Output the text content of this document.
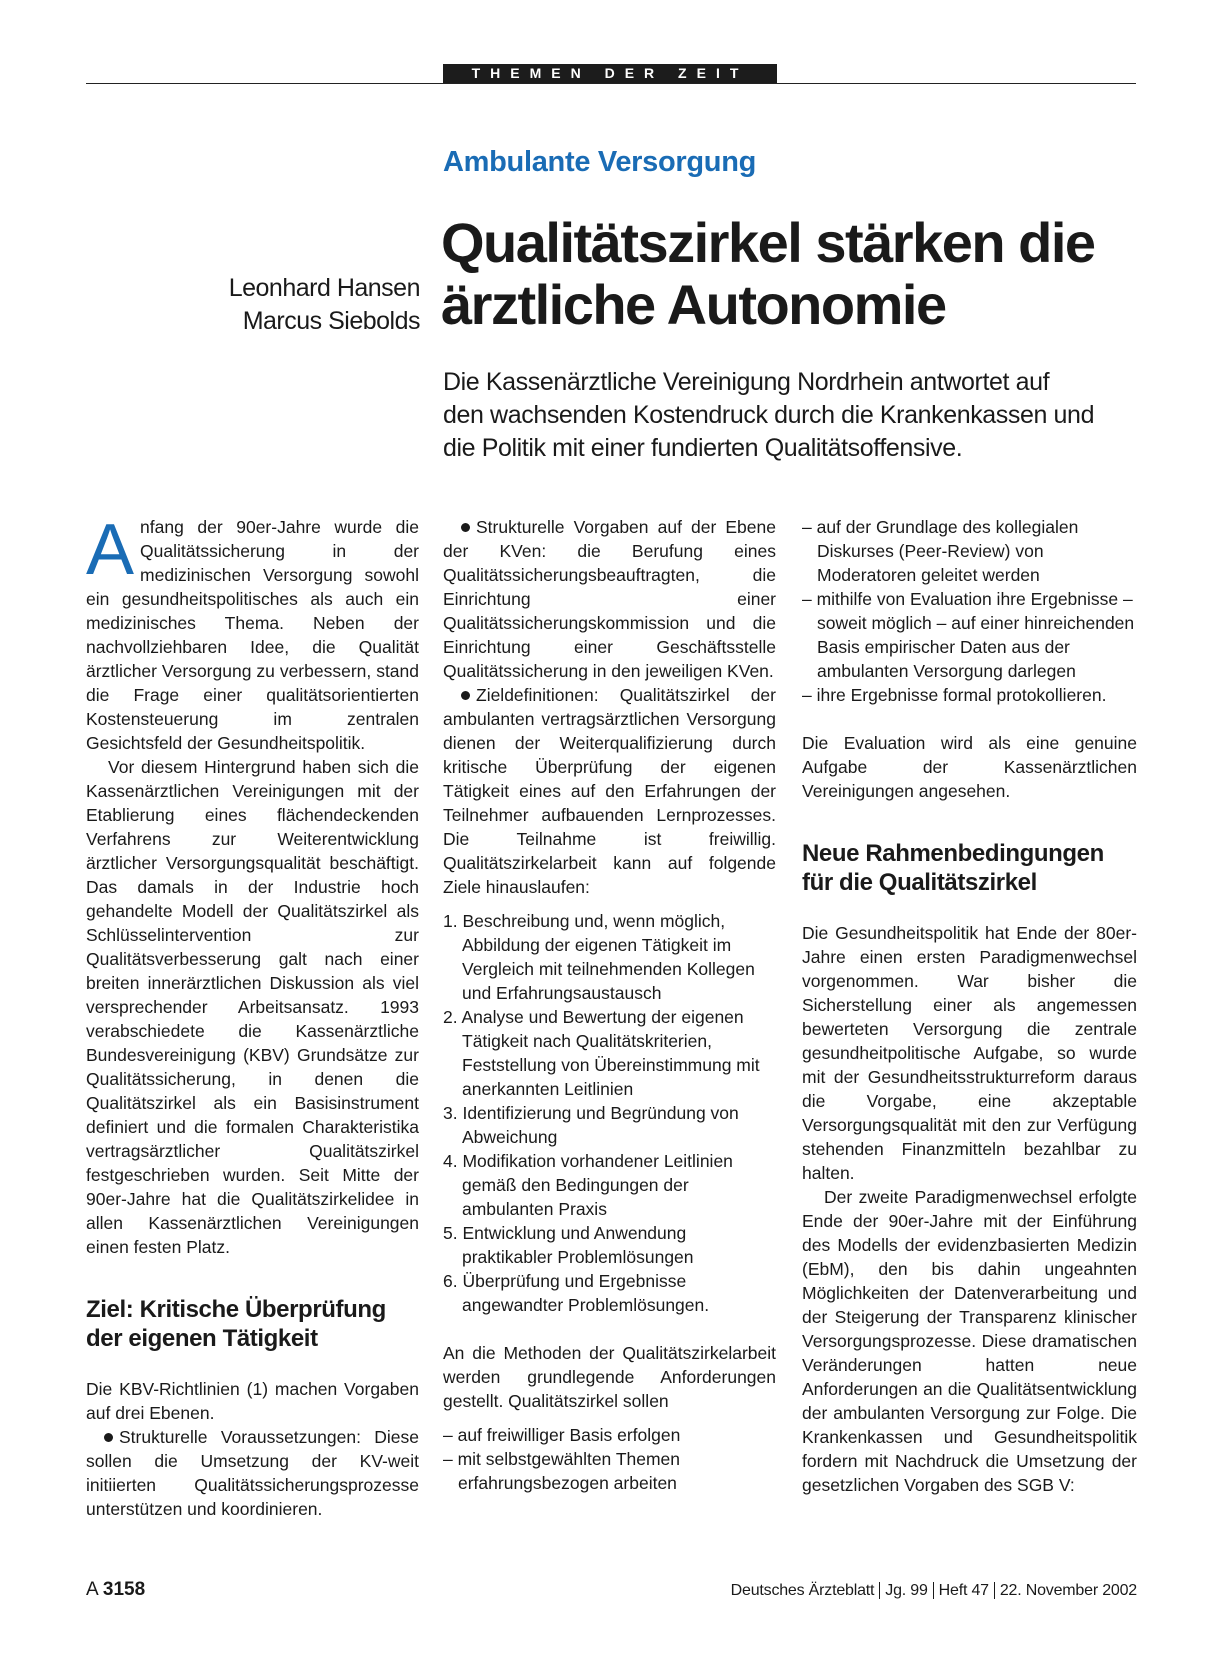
THEMEN DER ZEIT
Ambulante Versorgung
Qualitätszirkel stärken die
ärztliche Autonomie
Leonhard Hansen
Marcus Siebolds
Die Kassenärztliche Vereinigung Nordrhein antwortet auf
den wachsenden Kostendruck durch die Krankenkassen und
die Politik mit einer fundierten Qualitätsoffensive.

Anfang der 90er-Jahre wurde die Qualitätssicherung in der medizinischen Versorgung sowohl ein gesundheitspolitisches als auch ein medizinisches Thema. Neben der nachvollziehbaren Idee, die Qualität ärztlicher Versorgung zu verbessern, stand die Frage einer qualitätsorientierten Kostensteuerung im zentralen Gesichtsfeld der Gesundheitspolitik.

Vor diesem Hintergrund haben sich die Kassenärztlichen Vereinigungen mit der Etablierung eines flächendeckenden Verfahrens zur Weiterentwicklung ärztlicher Versorgungsqualität beschäftigt. Das damals in der Industrie hoch gehandelte Modell der Qualitätszirkel als Schlüsselintervention zur Qualitätsverbesserung galt nach einer breiten innerärztlichen Diskussion als viel versprechender Arbeitsansatz. 1993 verabschiedete die Kassenärztliche Bundesvereinigung (KBV) Grundsätze zur Qualitätssicherung, in denen die Qualitätszirkel als ein Basisinstrument definiert und die formalen Charakteristika vertragsärztlicher Qualitätszirkel festgeschrieben wurden. Seit Mitte der 90er-Jahre hat die Qualitätszirkelidee in allen Kassenärztlichen Vereinigungen einen festen Platz.

Ziel: Kritische Überprüfung der eigenen Tätigkeit

Die KBV-Richtlinien (1) machen Vorgaben auf drei Ebenen.

Strukturelle Voraussetzungen: Diese sollen die Umsetzung der KV-weit initiierten Qualitätssicherungsprozesse unterstützen und koordinieren.

Strukturelle Vorgaben auf der Ebene der KVen: die Berufung eines Qualitätssicherungsbeauftragten, die Einrichtung einer Qualitätssicherungskommission und die Einrichtung einer Geschäftsstelle Qualitätssicherung in den jeweiligen KVen.

Zieldefinitionen: Qualitätszirkel der ambulanten vertragsärztlichen Versorgung dienen der Weiterqualifizierung durch kritische Überprüfung der eigenen Tätigkeit eines auf den Erfahrungen der Teilnehmer aufbauenden Lernprozesses. Die Teilnahme ist freiwillig. Qualitätszirkelarbeit kann auf folgende Ziele hinauslaufen:

1. Beschreibung und, wenn möglich, Abbildung der eigenen Tätigkeit im Vergleich mit teilnehmenden Kollegen und Erfahrungsaustausch
2. Analyse und Bewertung der eigenen Tätigkeit nach Qualitätskriterien, Feststellung von Übereinstimmung mit anerkannten Leitlinien
3. Identifizierung und Begründung von Abweichung
4. Modifikation vorhandener Leitlinien gemäß den Bedingungen der ambulanten Praxis
5. Entwicklung und Anwendung praktikabler Problemlösungen
6. Überprüfung und Ergebnisse angewandter Problemlösungen.

An die Methoden der Qualitätszirkelarbeit werden grundlegende Anforderungen gestellt. Qualitätszirkel sollen

– auf freiwilliger Basis erfolgen
– mit selbstgewählten Themen erfahrungsbezogen arbeiten
– auf der Grundlage des kollegialen Diskurses (Peer-Review) von Moderatoren geleitet werden
– mithilfe von Evaluation ihre Ergebnisse – soweit möglich – auf einer hinreichenden Basis empirischer Daten aus der ambulanten Versorgung darlegen
– ihre Ergebnisse formal protokollieren.

Die Evaluation wird als eine genuine Aufgabe der Kassenärztlichen Vereinigungen angesehen.

Neue Rahmenbedingungen für die Qualitätszirkel

Die Gesundheitspolitik hat Ende der 80er-Jahre einen ersten Paradigmenwechsel vorgenommen. War bisher die Sicherstellung einer als angemessen bewerteten Versorgung die zentrale gesundheitpolitische Aufgabe, so wurde mit der Gesundheitsstrukturreform daraus die Vorgabe, eine akzeptable Versorgungsqualität mit den zur Verfügung stehenden Finanzmitteln bezahlbar zu halten.

Der zweite Paradigmenwechsel erfolgte Ende der 90er-Jahre mit der Einführung des Modells der evidenzbasierten Medizin (EbM), den bis dahin ungeahnten Möglichkeiten der Datenverarbeitung und der Steigerung der Transparenz klinischer Versorgungsprozesse. Diese dramatischen Veränderungen hatten neue Anforderungen an die Qualitätsentwicklung der ambulanten Versorgung zur Folge. Die Krankenkassen und Gesundheitspolitik fordern mit Nachdruck die Umsetzung der gesetzlichen Vorgaben des SGB V:

A 3158	Deutsches Ärzteblatt Jg. 99 Heft 47 22. November 2002
